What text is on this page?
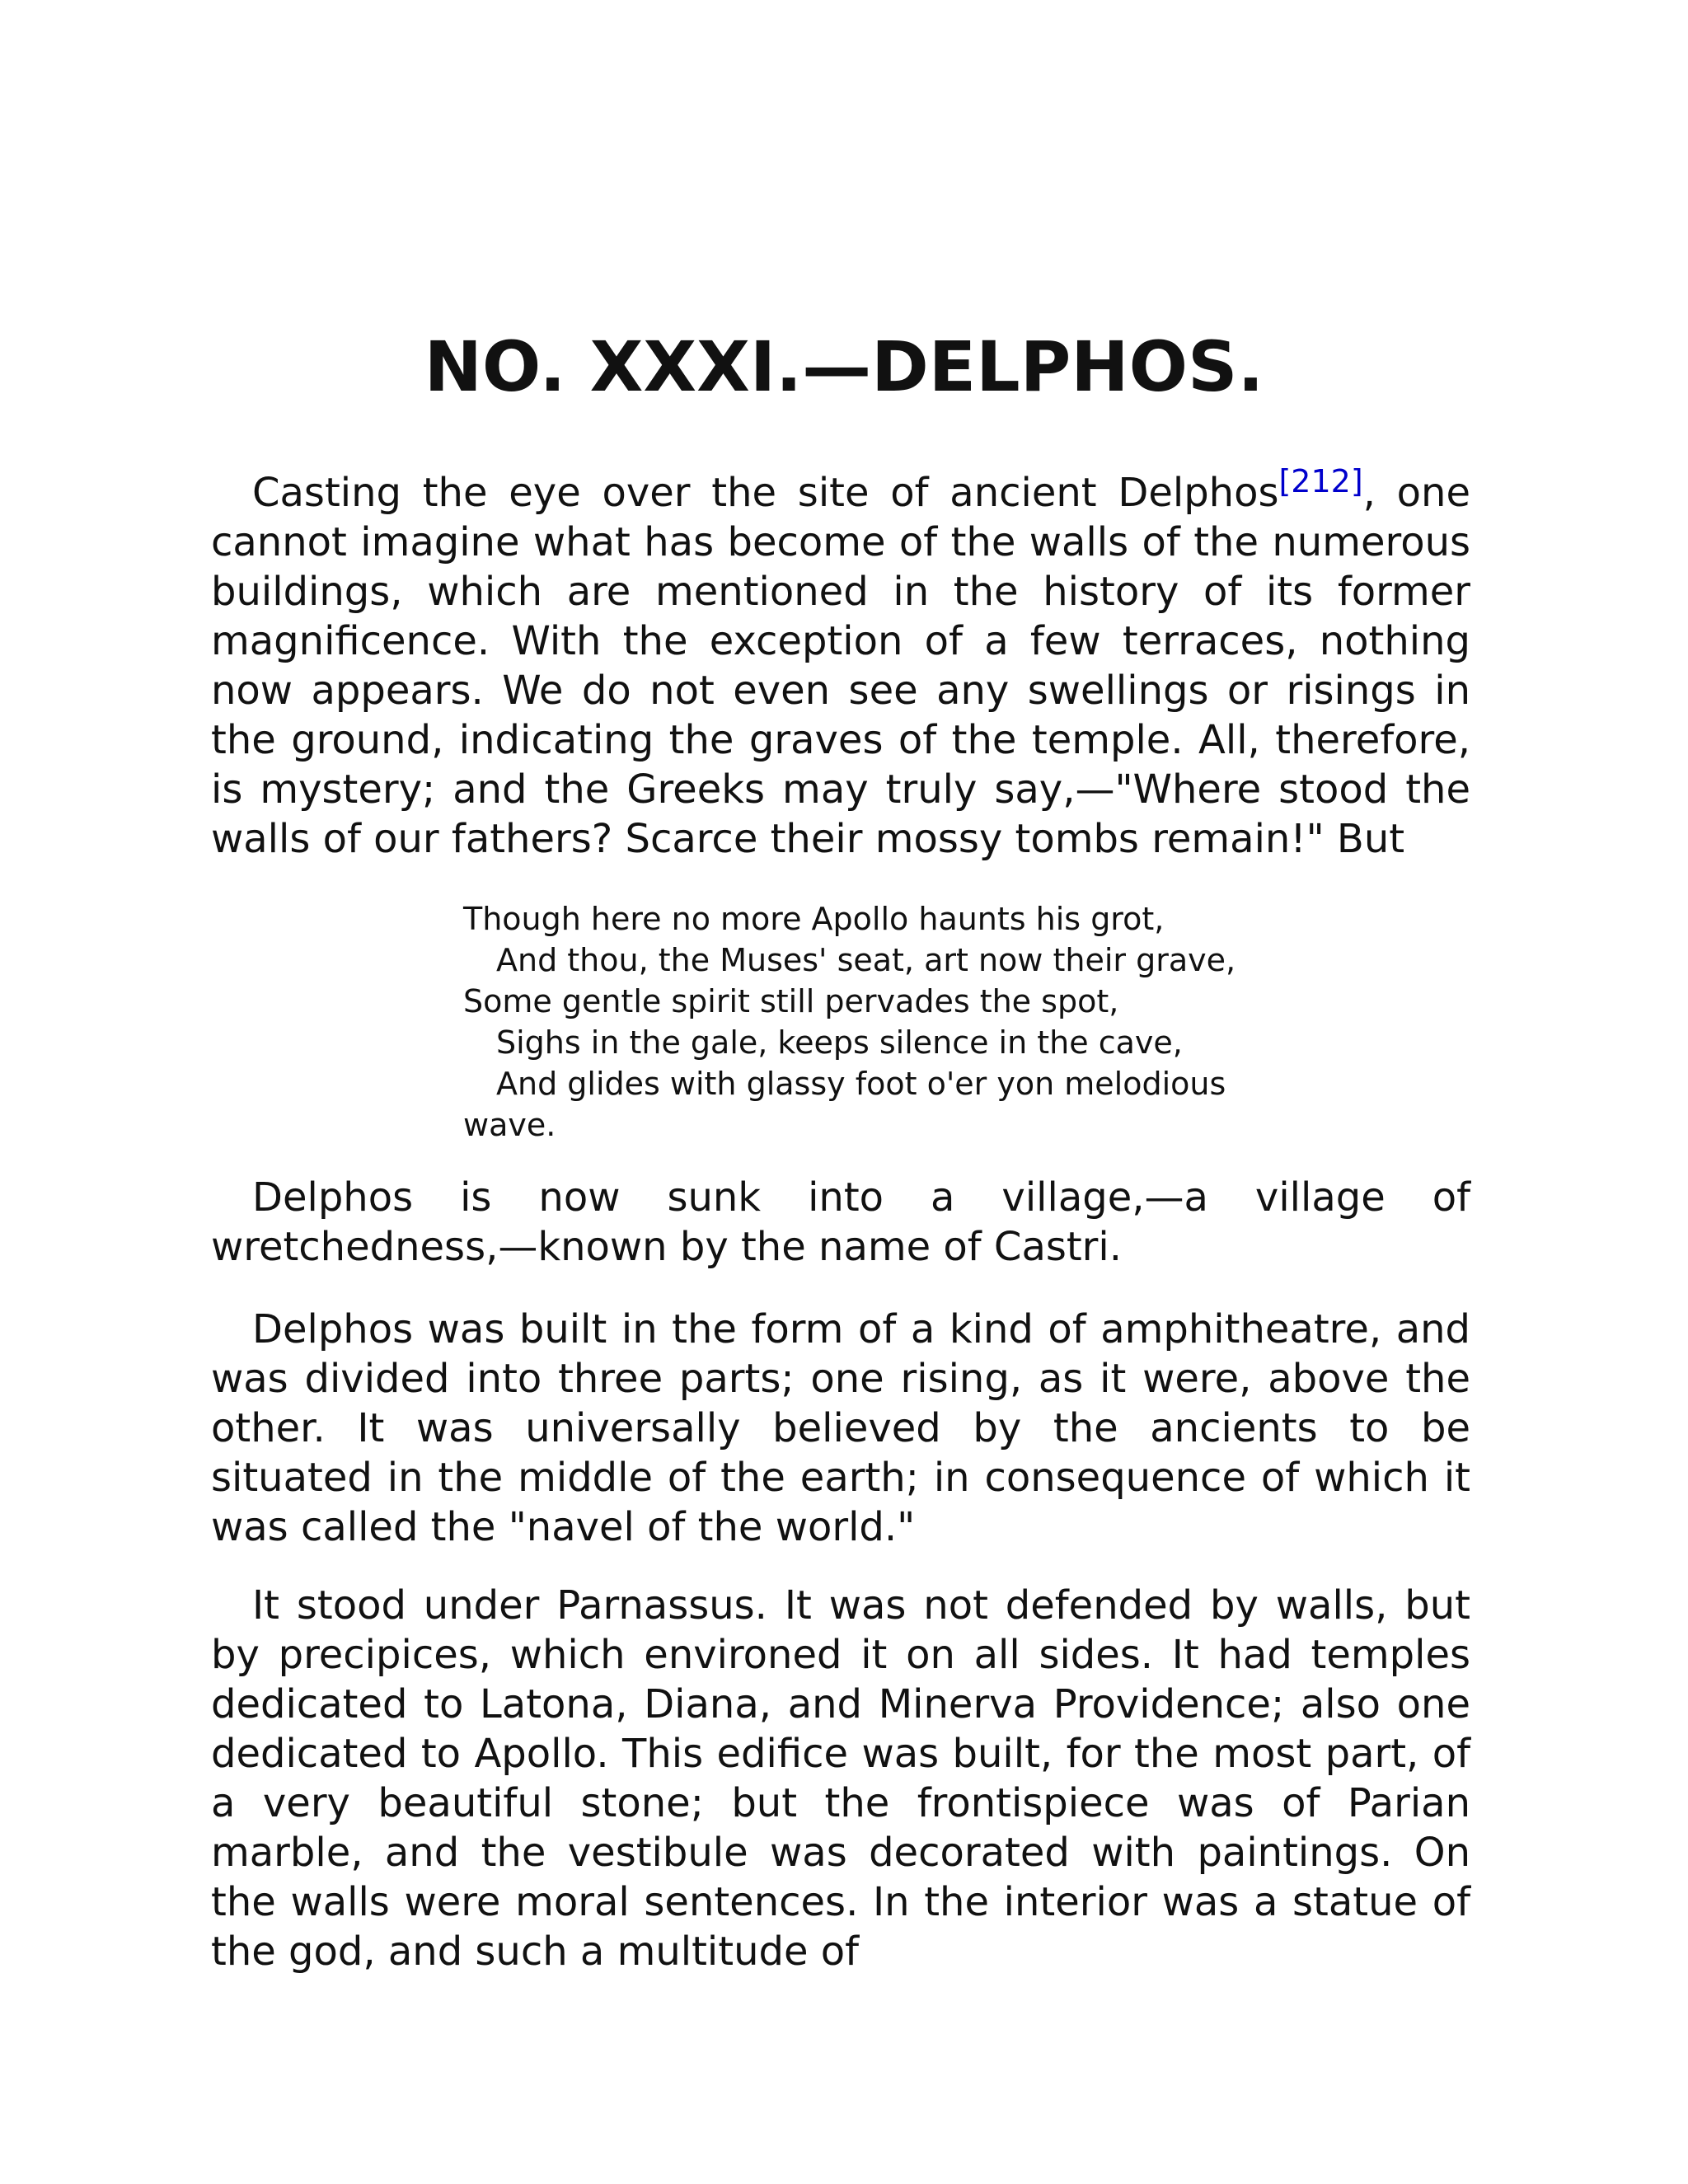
NO. XXXI.—DELPHOS.

Casting the eye over the site of ancient Delphos[212], one cannot imagine what has become of the walls of the numerous buildings, which are mentioned in the history of its former magnificence. With the exception of a few terraces, nothing now appears. We do not even see any swellings or risings in the ground, indicating the graves of the temple. All, therefore, is mystery; and the Greeks may truly say,—"Where stood the walls of our fathers? Scarce their mossy tombs remain!" But

Though here no more Apollo haunts his grot,
And thou, the Muses' seat, art now their grave,
Some gentle spirit still pervades the spot,
Sighs in the gale, keeps silence in the cave,
And glides with glassy foot o'er yon melodious
wave.

Delphos is now sunk into a village,—a village of wretchedness,—known by the name of Castri.

Delphos was built in the form of a kind of amphitheatre, and was divided into three parts; one rising, as it were, above the other. It was universally believed by the ancients to be situated in the middle of the earth; in consequence of which it was called the "navel of the world."

It stood under Parnassus. It was not defended by walls, but by precipices, which environed it on all sides. It had temples dedicated to Latona, Diana, and Minerva Providence; also one dedicated to Apollo. This edifice was built, for the most part, of a very beautiful stone; but the frontispiece was of Parian marble, and the vestibule was decorated with paintings. On the walls were moral sentences. In the interior was a statue of the god, and such a multitude of
